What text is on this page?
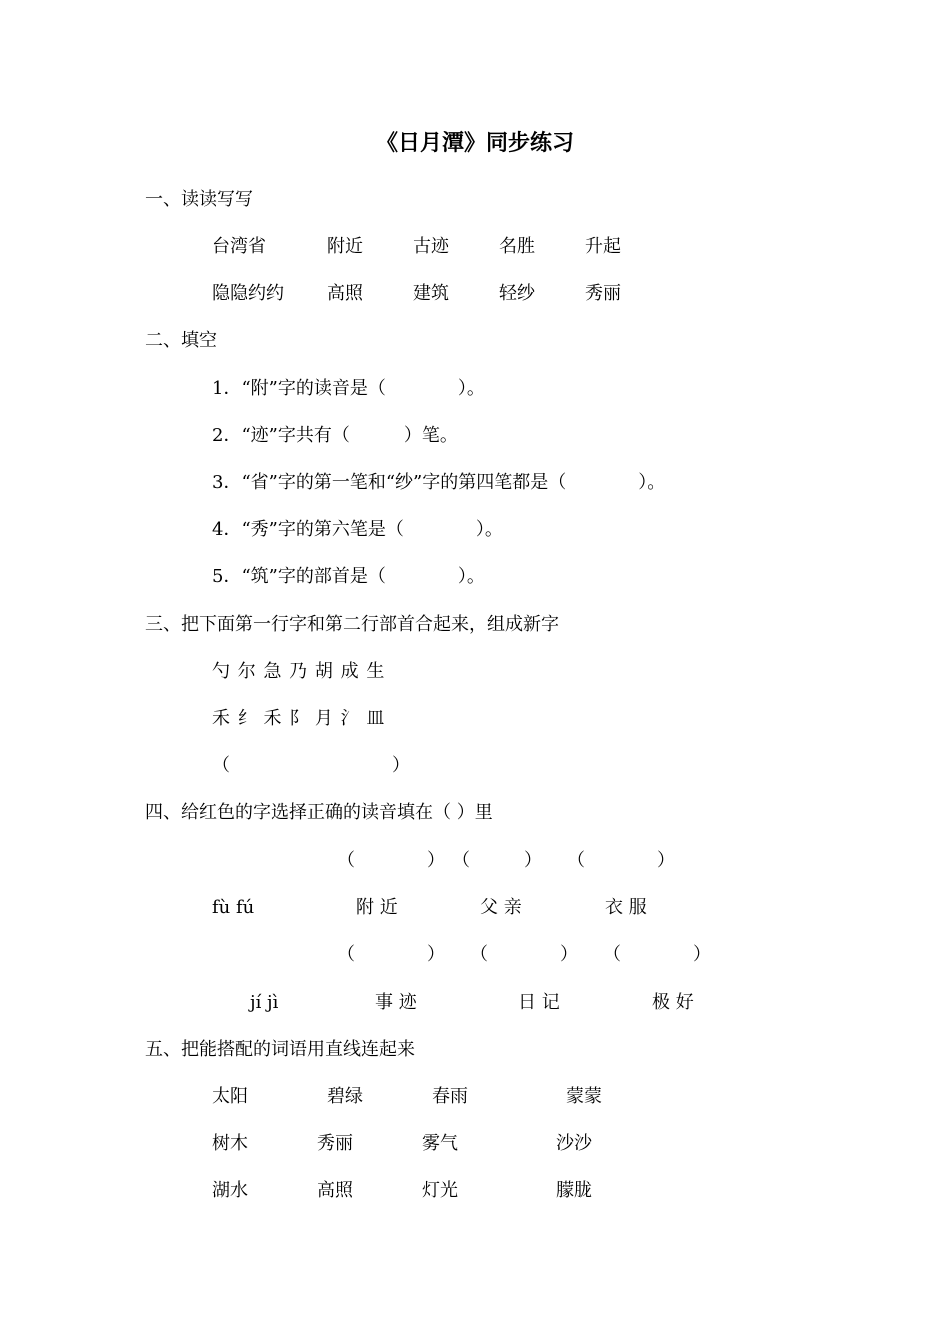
《日月潭》同步练习
一、读读写写
台湾省	附近	古迹	名胜	升起
隐隐约约 高照	建筑	轻纱	秀丽
二、填空
1．“附”字的读音是（　　　　）。
2．“迹”字共有（　　　）笔。
3．“省”字的第一笔和“纱”字的第四笔都是（　　　　）。
4．“秀”字的第六笔是（　　　　）。
5．“筑”字的部首是（　　　　）。
三、把下面第一行字和第二行部首合起来，组成新字
勺 尔 急 乃 胡 成 生
禾 纟 禾 阝 月 氵 皿
（　　　　　　　　　）
四、给红色的字选择正确的读音填在（ ）里
（　　　　） （　　　） （　　　　）
fù fú	附 近	父 亲	衣 服
（　　　　） （　　　　） （　　　　）
jí jì	事 迹	日 记	极 好
五、把能搭配的词语用直线连起来
太阳	碧绿	春雨	蒙蒙
树木	秀丽	雾气	沙沙
湖水	高照	灯光	朦胧
